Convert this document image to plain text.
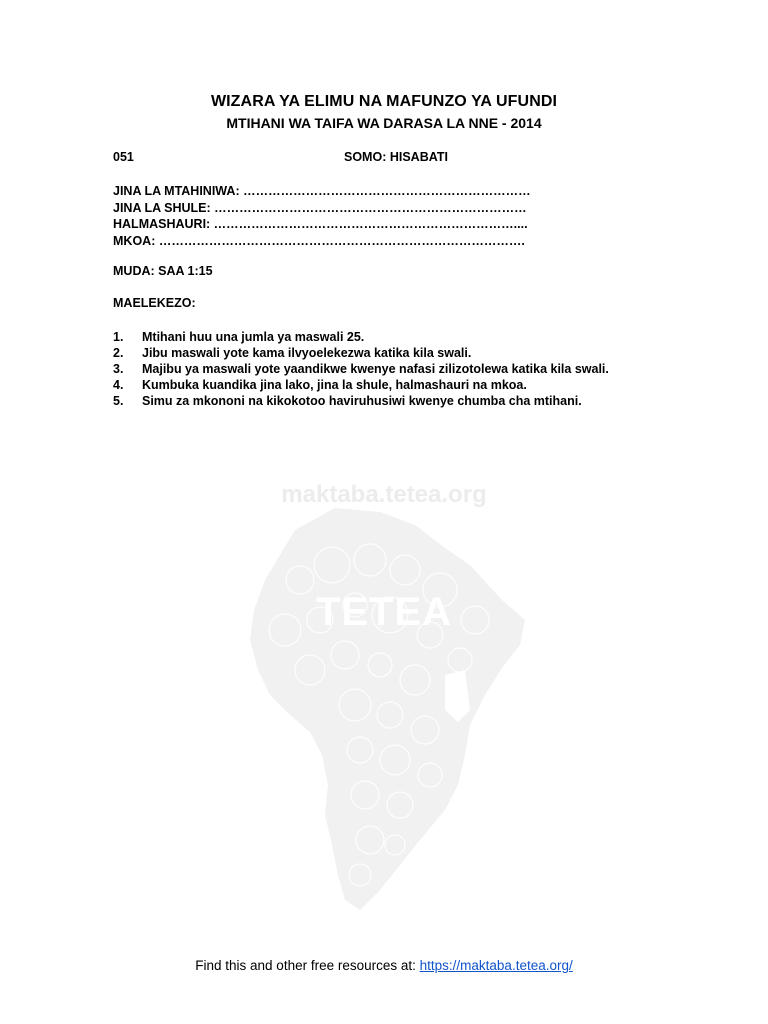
maktaba.tetea.org
TETEA
WIZARA YA ELIMU NA MAFUNZO YA UFUNDI
MTIHANI WA TAIFA WA DARASA LA NNE - 2014
051	SOMO: HISABATI
JINA LA MTAHINIWA: ……………………………………………………………
JINA LA SHULE: …………………………………………………………………
HALMASHAURI: ………………………………………………………………....
MKOA: …………………………………………………………………………….
MUDA: SAA 1:15
MAELEKEZO:
1. Mtihani huu una jumla ya maswali 25.
2. Jibu maswali yote kama ilvyoelekezwa katika kila swali.
3. Majibu ya maswali yote yaandikwe kwenye nafasi zilizotolewa katika kila swali.
4. Kumbuka kuandika jina lako, jina la shule, halmashauri na mkoa.
5. Simu za mkononi na kikokotoo haviruhusiwi kwenye chumba cha mtihani.
Find this and other free resources at: https://maktaba.tetea.org/
